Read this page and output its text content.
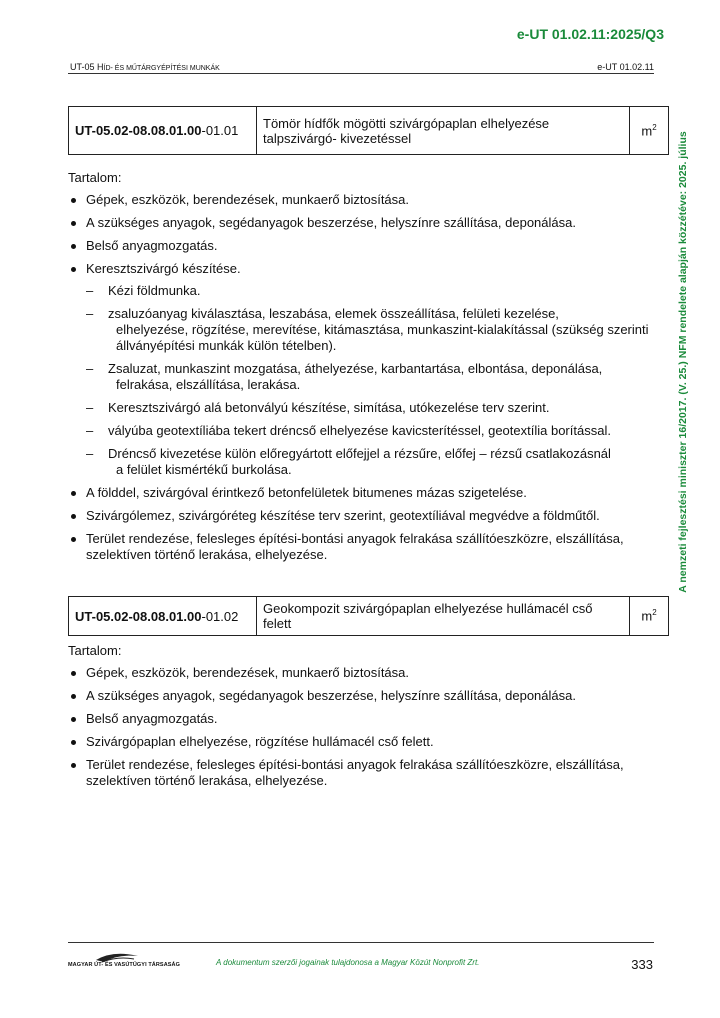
e-UT 01.02.11:2025/Q3
UT-05 HÍD- ÉS MŰTÁRGYÉPÍTÉSI MUNKÁK	e-UT 01.02.11
A nemzeti fejlesztési miniszter 16/2017. (V. 25.) NFM rendelete alapján közzétéve: 2025. július
UT-05.02-08.08.01.00-01.01	Tömör hídfők mögötti szivárgópaplan elhelyezése talpszivárgó- kivezetéssel	$m^2$

Tartalom:

Gépek, eszközök, berendezések, munkaerő biztosítása.
A szükséges anyagok, segédanyagok beszerzése, helyszínre szállítása, deponálása.
Belső anyagmozgatás.
Keresztszivárgó készítése.
– Kézi földmunka.
– zsaluzóanyag kiválasztása, leszabása, elemek összeállítása, felületi kezelése,
elhelyezése, rögzítése, merevítése, kitámasztása, munkaszint-kialakítással (szükség szerinti állványépítési munkák külön tételben).
– Zsaluzat, munkaszint mozgatása, áthelyezése, karbantartása, elbontása, deponálása,
felrakása, elszállítása, lerakása.
– Keresztszivárgó alá betonvályú készítése, simítása, utókezelése terv szerint.
– vályúba geotextíliába tekert dréncső elhelyezése kavicsterítéssel, geotextília borítással.
– Dréncső kivezetése külön előregyártott előfejjel a rézsűre, előfej – rézsű csatlakozásnál
a felület kismértékű burkolása.
A földdel, szivárgóval érintkező betonfelületek bitumenes mázas szigetelése.
Szivárgólemez, szivárgóréteg készítése terv szerint, geotextíliával megvédve a földműtől.
Terület rendezése, felesleges építési-bontási anyagok felrakása szállítóeszközre, elszállítása, szelektíven történő lerakása, elhelyezése.
UT-05.02-08.08.01.00-01.02	Geokompozit szivárgópaplan elhelyezése hullámacél cső felett	$m^2$

Tartalom:

Gépek, eszközök, berendezések, munkaerő biztosítása.
A szükséges anyagok, segédanyagok beszerzése, helyszínre szállítása, deponálása.
Belső anyagmozgatás.
Szivárgópaplan elhelyezése, rögzítése hullámacél cső felett.
Terület rendezése, felesleges építési-bontási anyagok felrakása szállítóeszközre, elszállítása, szelektíven történő lerakása, elhelyezése.
MAGYAR ÚT- ÉS VASÚTÜGYI TÁRSASÁG	A dokumentum szerzői jogainak tulajdonosa a Magyar Közút Nonprofit Zrt.	333
